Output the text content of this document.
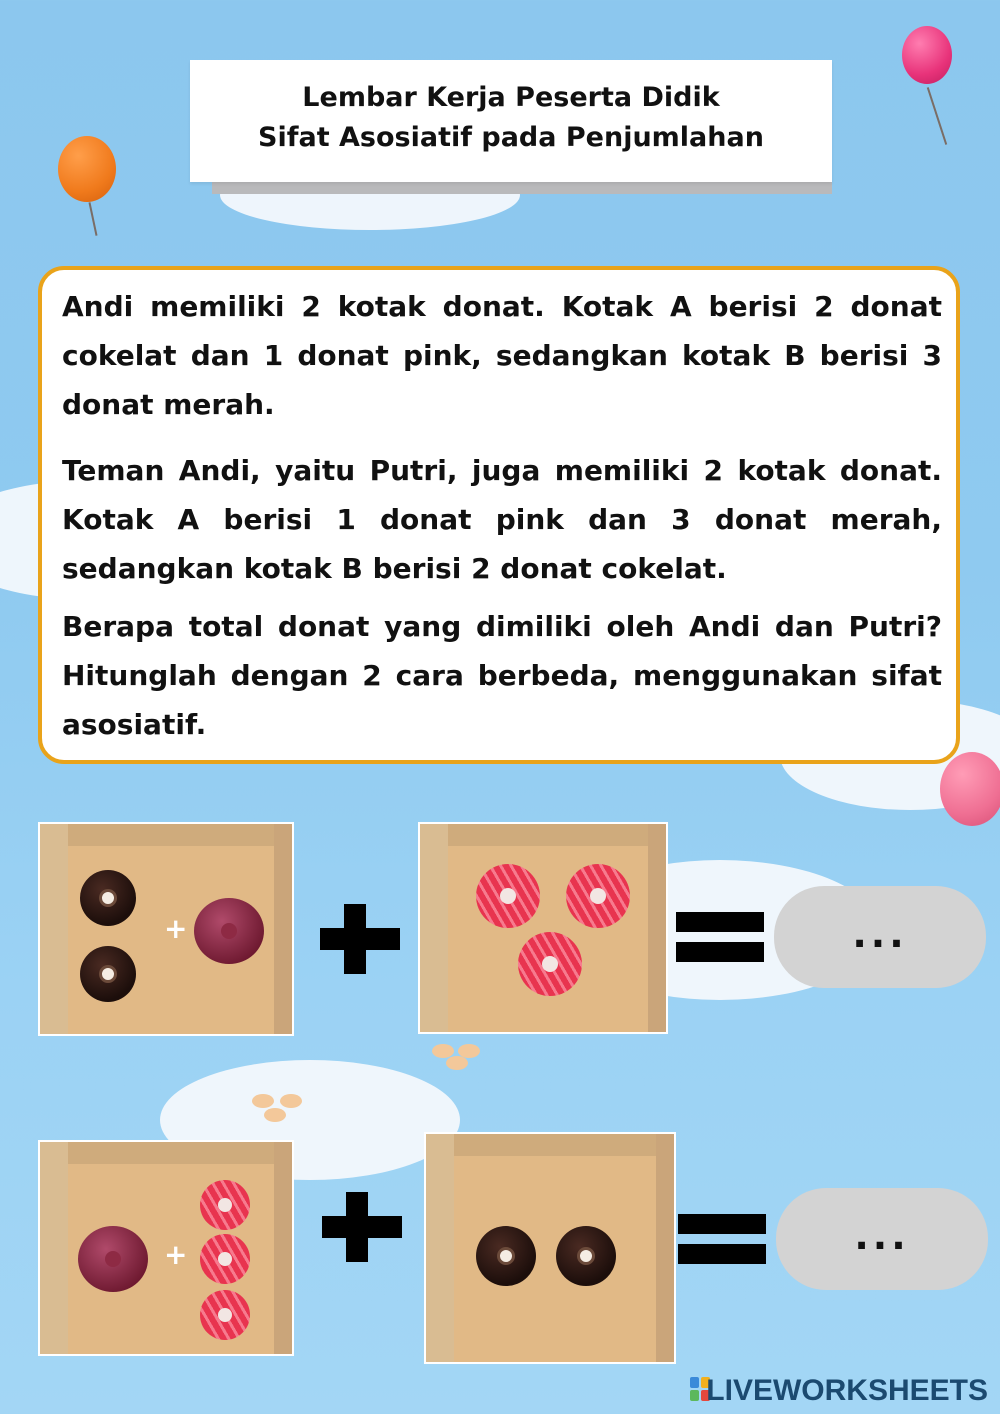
Lembar Kerja Peserta Didik
Sifat Asosiatif pada Penjumlahan
Andi memiliki 2 kotak donat. Kotak A berisi 2 donat cokelat dan 1 donat pink, sedangkan kotak B berisi 3 donat merah.
Teman Andi, yaitu Putri, juga memiliki 2 kotak donat. Kotak A berisi 1 donat pink dan 3 donat merah, sedangkan kotak B berisi 2 donat cokelat.
Berapa total donat yang dimiliki oleh Andi dan Putri? Hitunglah dengan 2 cara berbeda, menggunakan sifat asosiatif.
+	...
+	...
LIVEWORKSHEETS
